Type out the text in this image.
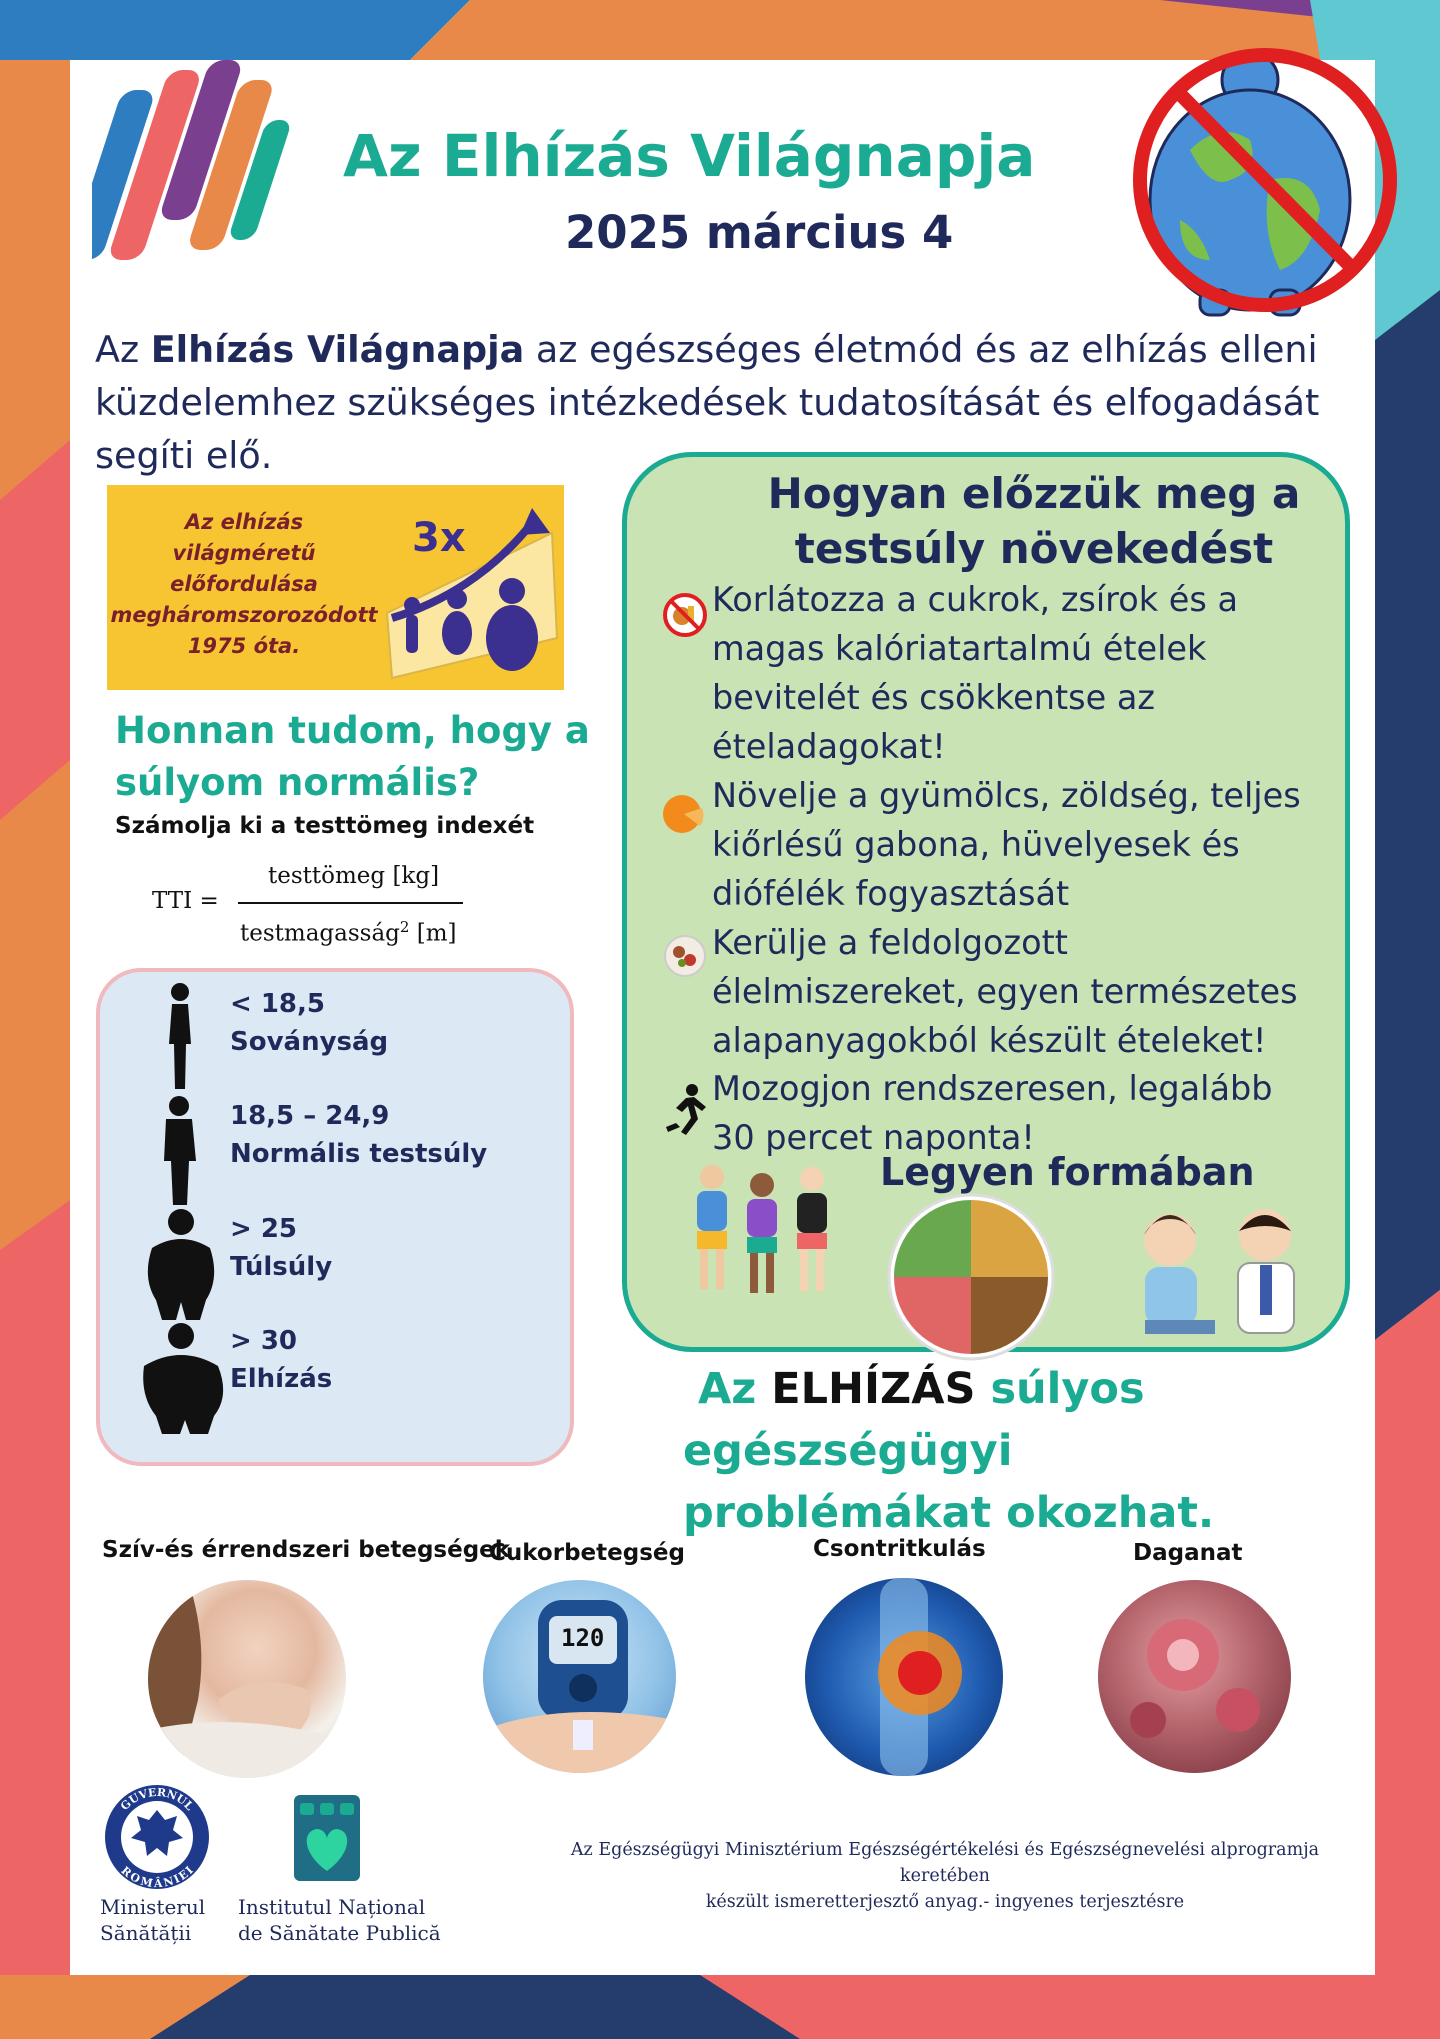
Az Elhízás Világnapja
2025 március 4
Az Elhízás Világnapja az egészséges életmód és az elhízás elleni küzdelemhez szükséges intézkedések tudatosítását és elfogadását segíti elő.
Az elhízás
világméretű
előfordulása
megháromszorozódott
1975 óta.
3x
Honnan tudom, hogy a
súlyom normális?
Számolja ki a testtömeg indexét
TTI =
testtömeg [kg]
testmagasság$^2$ [m]
< 18,5
Soványság
18,5 – 24,9
Normális testsúly
> 25
Túlsúly
> 30
Elhízás
Hogyan előzzük meg a
testsúly növekedést
Korlátozza a cukrok, zsírok és a magas kalóriatartalmú ételek bevitelét és csökkentse az ételadagokat!
Növelje a gyümölcs, zöldség, teljes kiőrlésű gabona, hüvelyesek és diófélék fogyasztását
Kerülje a feldolgozott élelmiszereket, egyen természetes alapanyagokból készült ételeket!
Mozogjon rendszeresen, legalább 30 percet naponta!
Legyen formában
Az ELHÍZÁS súlyos egészségügyi problémákat okozhat.
Szív-és érrendszeri betegségek
Cukorbetegség	Csontritkulás	Daganat
120
GUVERNUL
ROMÂNIEI
Ministerul
Sănătății
Institutul Național
de Sănătate Publică
Az Egészségügyi Minisztérium Egészségértékelési és Egészségnevelési alprogramja keretében
készült ismeretterjesztő anyag.- ingyenes terjesztésre
